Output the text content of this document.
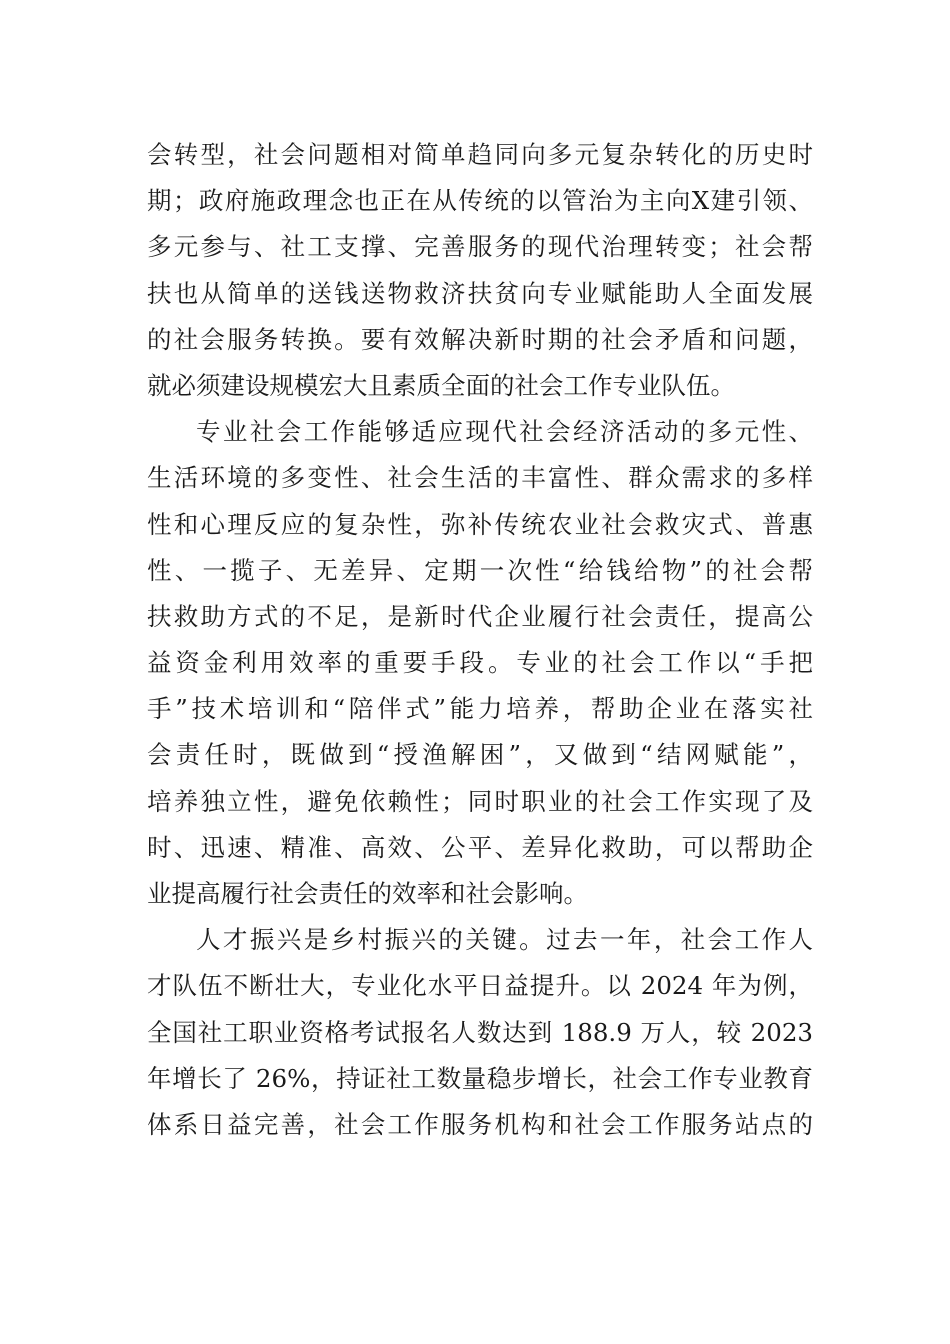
会转型，社会问题相对简单趋同向多元复杂转化的历史时
期；政府施政理念也正在从传统的以管治为主向X建引领、
多元参与、社工支撑、完善服务的现代治理转变；社会帮
扶也从简单的送钱送物救济扶贫向专业赋能助人全面发展
的社会服务转换。要有效解决新时期的社会矛盾和问题，
就必须建设规模宏大且素质全面的社会工作专业队伍。
专业社会工作能够适应现代社会经济活动的多元性、
生活环境的多变性、社会生活的丰富性、群众需求的多样
性和心理反应的复杂性，弥补传统农业社会救灾式、普惠
性、一揽子、无差异、定期一次性“给钱给物”的社会帮
扶救助方式的不足，是新时代企业履行社会责任，提高公
益资金利用效率的重要手段。专业的社会工作以“手把
手”技术培训和“陪伴式”能力培养，帮助企业在落实社
会责任时，既做到“授渔解困”，又做到“结网赋能”，
培养独立性，避免依赖性；同时职业的社会工作实现了及
时、迅速、精准、高效、公平、差异化救助，可以帮助企
业提高履行社会责任的效率和社会影响。
人才振兴是乡村振兴的关键。过去一年，社会工作人
才队伍不断壮大，专业化水平日益提升。以 2024 年为例，
全国社工职业资格考试报名人数达到 188.9 万人，较 2023
年增长了 26%，持证社工数量稳步增长，社会工作专业教育
体系日益完善，社会工作服务机构和社会工作服务站点的
